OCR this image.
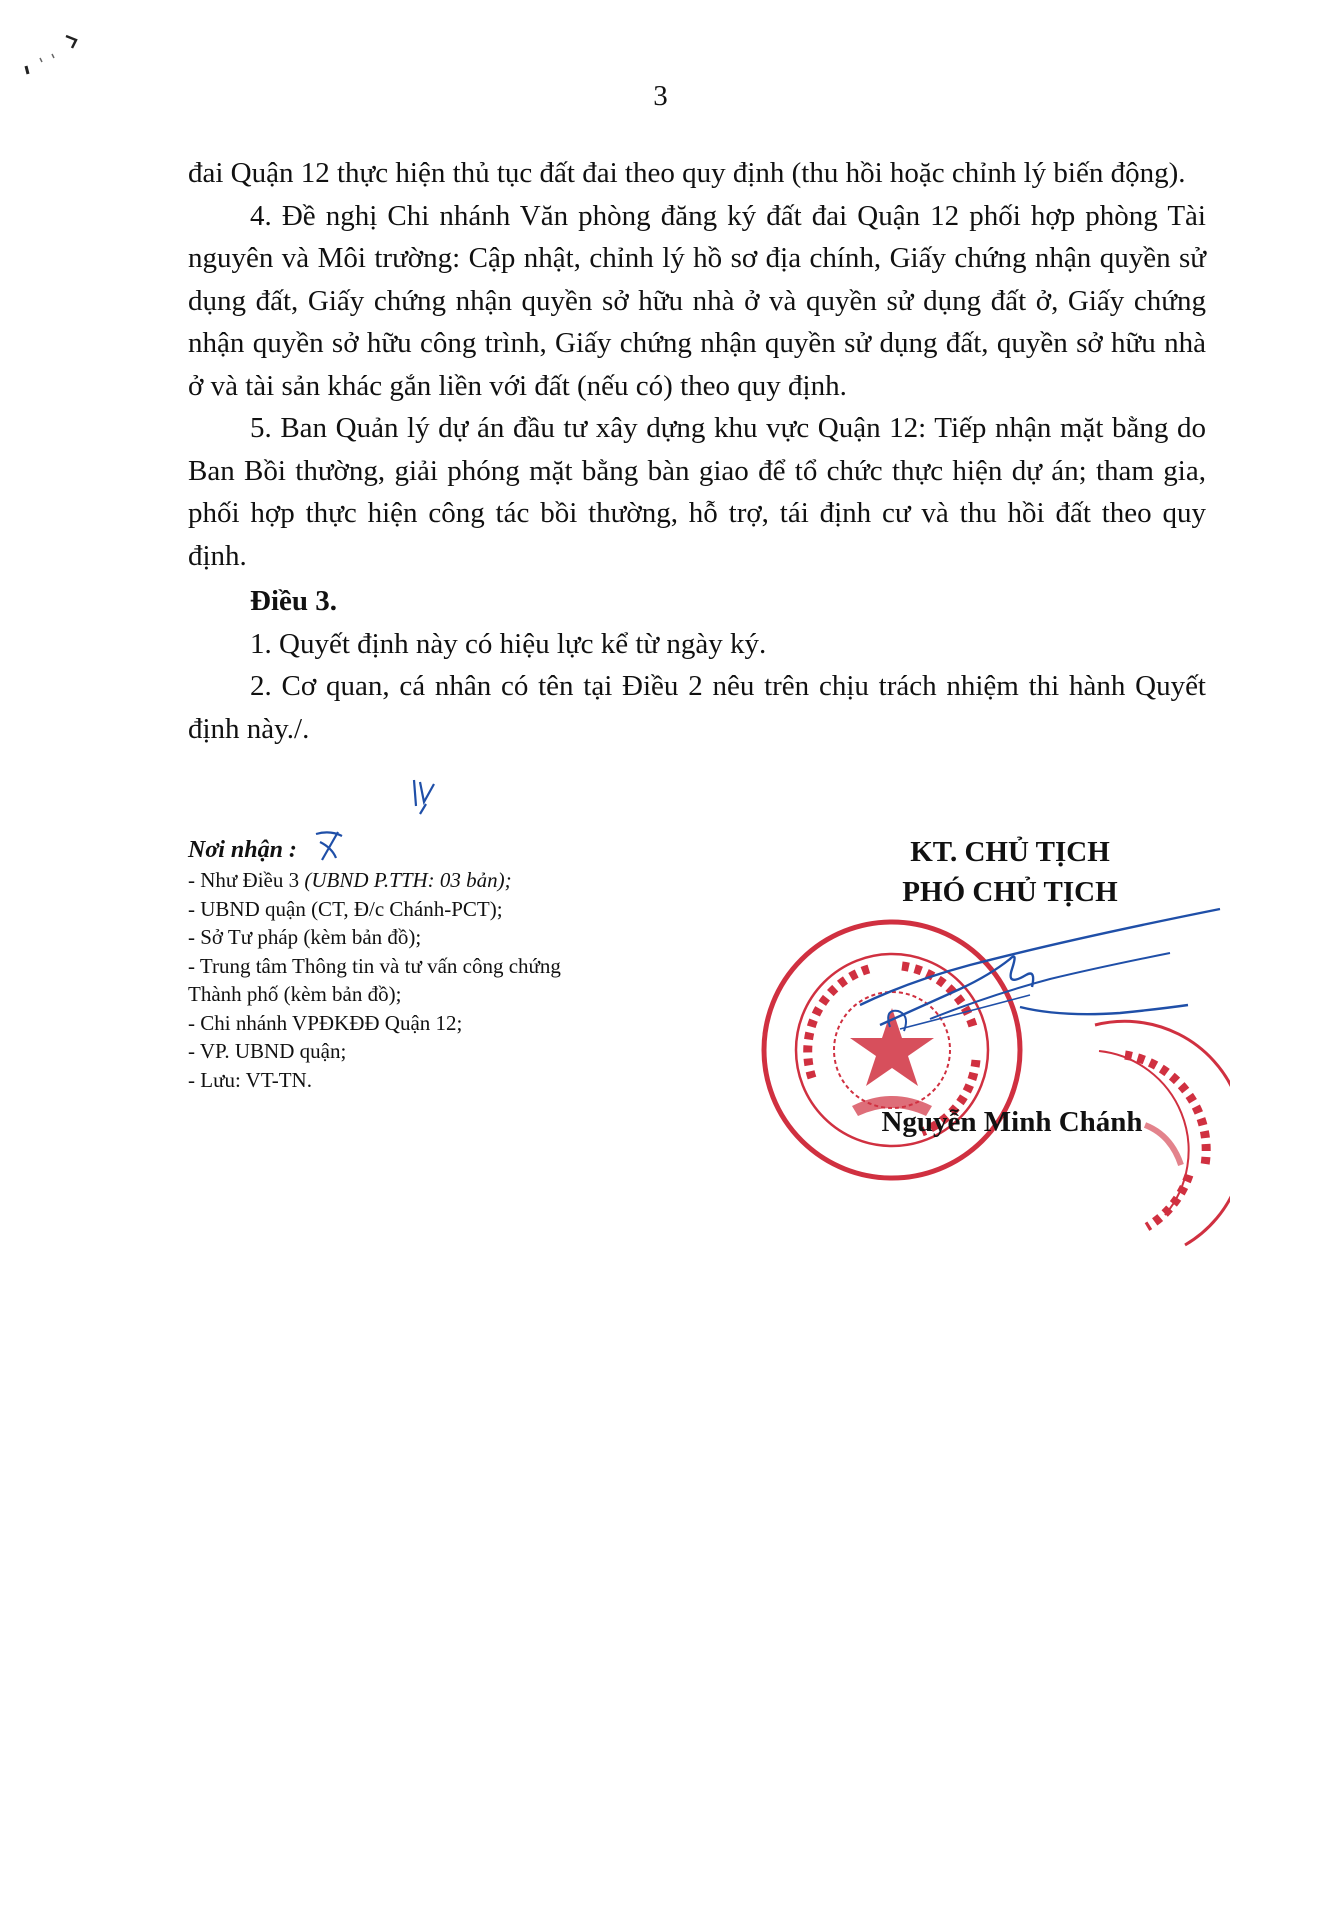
3

đai Quận 12 thực hiện thủ tục đất đai theo quy định (thu hồi hoặc chỉnh lý biến động).

4. Đề nghị Chi nhánh Văn phòng đăng ký đất đai Quận 12 phối hợp phòng Tài nguyên và Môi trường: Cập nhật, chỉnh lý hồ sơ địa chính, Giấy chứng nhận quyền sử dụng đất, Giấy chứng nhận quyền sở hữu nhà ở và quyền sử dụng đất ở, Giấy chứng nhận quyền sở hữu công trình, Giấy chứng nhận quyền sử dụng đất, quyền sở hữu nhà ở và tài sản khác gắn liền với đất (nếu có) theo quy định.

5. Ban Quản lý dự án đầu tư xây dựng khu vực Quận 12: Tiếp nhận mặt bằng do Ban Bồi thường, giải phóng mặt bằng bàn giao để tổ chức thực hiện dự án; tham gia, phối hợp thực hiện công tác bồi thường, hỗ trợ, tái định cư và thu hồi đất theo quy định.

Điều 3.

1. Quyết định này có hiệu lực kể từ ngày ký.

2. Cơ quan, cá nhân có tên tại Điều 2 nêu trên chịu trách nhiệm thi hành Quyết định này./.

Nơi nhận :

- Như Điều 3 (UBND P.TTH: 03 bản);

- UBND quận (CT, Đ/c Chánh-PCT);

- Sở Tư pháp (kèm bản đồ);

- Trung tâm Thông tin và tư vấn công chứng Thành phố (kèm bản đồ);

- Chi nhánh VPĐKĐĐ Quận 12;

- VP. UBND quận;

- Lưu: VT-TN.

KT. CHỦ TỊCH
PHÓ CHỦ TỊCH
Nguyễn Minh Chánh
